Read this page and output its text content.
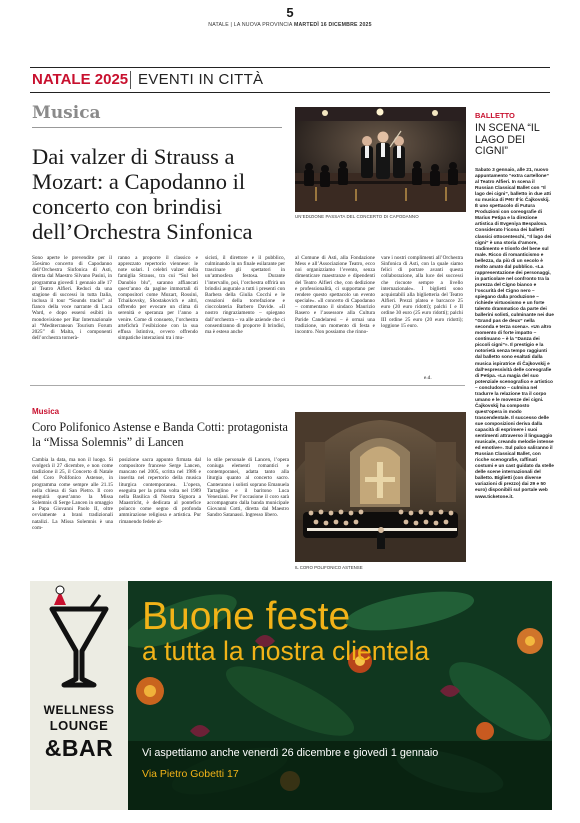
5
NATALE | LA NUOVA PROVINCIA MARTEDÌ 16 DICEMBRE 2025
NATALE 2025 EVENTI IN CITTÀ
Musica
Dai valzer di Strauss a Mozart: a Capodanno il concerto con brindisi dell’Orchestra Sinfonica
UN’EDIZIONE PASSATA DEL CONCERTO DI CAPODANNO
Sono aperte le prevendite per il 35esimo concerto di Capodanno dell’Orchestra Sinfonica di Asti, diretta dal Maestro Silvano Pasini, in programma giovedì 1 gennaio alle 17 al Teatro Alfieri. Reduci da una stagione di successi in tutta Italia, inclusa il tour “Sounds tracks” al fianco della voce narrante di Luca Ward, e dopo essersi esibiti in mondovisione per Bar Internazionale al “Mediterranean Tourism Forum 2025” di Malta, i componenti dell’orchestra tornerà-
ranno a proporre il classico e apprezzato repertorio viennese: le note solari. I celebri valzer della famiglia Strauss, tra cui “Sul bel Danubio blu”, saranno affiancati quest’anno da pagine immortali di compositori come Mozart, Rossini, Tchaikovsky, Shostakovich e altri, offrendo per evocare un clima di serenità e speranza per l’anno a venire. Come di consueto, l’orchestra artefichrà l’esibizione con la sua effusa Istintiva, ovvero offrendo simpatiche interazioni tra i mu-
sicisti, il direttore e il pubblico, culminando in un finale esilarante per trascinare gli spettatori in un’atmosfera festosa. Durante l’intervallo, poi, l’orchestra offrirà un brindisi augurale a tutti i presenti con Barbera della Giulia Cocchi e le creazioni della torrefazione e cioccolateria Barbero Davide. «Il nostro ringraziamento – spiegano dall’orchestra – va alle aziende che ci consentiranno di proporre il brindisi, ma è esteso anche
al Comune di Asti, alla Fondazione Mess e all’Associazione Teatro, ecco noi organizziamo l’evento, senza dimenticare maestranze e dipendenti del Teatro Alfieri che, con dedizione e professionalità, ci supportano per rendere questo spettacolo un evento speciale». «Il concerto di Capodanno – commentano il sindaco Maurizio Rasero e l’assessore alla Cultura Paride Candelaresi – è ormai una tradizione, un momento di festa e incontro. Non possiamo che rinno-
vare i nostri complimenti all’Orchestra Sinfonica di Asti, con la quale siamo felici di portare avanti questa collaborazione, alla luce dei successi che riscuote sempre a livello internazionale». I biglietti sono acquistabili alla biglietteria del Teatro Alfieri. Prezzi platea e barcacce 25 euro (20 euro ridotti); palchi I e II ordine 30 euro (25 euro ridotti); palchi III ordine 25 euro (20 euro ridotti); loggione 15 euro.
e.d.
Musica
Coro Polifonico Astense e Banda Cotti: protagonista la “Missa Solemnis” di Lancen
IL CORO POLIFONICO ASTENSE
Cambia la data, ma non il luogo. Si svolgerà il 27 dicembre, e non come tradizione il 25, il Concerto di Natale del Coro Polifonico Astense, in programma come sempre alle 21.15 nella chiesa di San Pietro. Il coro eseguirà quest’anno la Missa Solemnis di Serge Lancen in omaggio a Papa Giovanni Paolo II, oltre ovviamente a brani tradizionali natalizi. La Missa Solemnis è una com-
posizione sacra appunto firmata dal compositore francese Serge Lancen, mancato nel 2005, scritta nel 1986 e inserita nel repertorio della musica liturgica contemporanea. L’opera, eseguita per la prima volta nel 1989 nella Basilica di Nostra Signora a Maastricht, è dedicata al pontefice polacco come segno di profonda ammirazione religiosa e artistica. Pur rimanendo fedele al-
lo stile personale di Lancen, l’opera coniuga elementi romantici e contemporanei, adatta tanto alla liturgia quanto al concerto sacro. Canteranno i solisti soprano Emanuela Tartaglino e il baritono Luca Veneziani. Per l’occasione il coro sarà accompagnato dalla banda municipale Giovanni Cotti, diretta dal Maestro Sandro Satanassi. Ingresso libero.
BALLETTO
IN SCENA “IL LAGO DEI CIGNI”
Sabato 3 gennaio, alle 21, nuovo appuntamento “extra cartellone” al Teatro Alfieri. In scena il Russian Classical Ballet con “Il lago dei cigni”, balletto in due atti su musica di Pëtr Il’ic Čajkovskij. È uno spettacolo di Futura Produzioni con coreografie di Marius Petipa e la direzione artistica di Evgeniya Bespalova. Considerato l’icona dei balletti classici ottocenteschi, “Il lago dei cigni” è una storia d’amore, tradimento e trionfo del bene sul male. Ricco di romanticismo e bellezza, da più di un secolo è molto amato dal pubblico. «La rappresentazione dei personaggi, in particolare nel confronto tra la purezza del Cigno bianco e l’oscurità del Cigno nero – spiegano dalla produzione – richiede virtuosismo e un forte talento drammatico da parte dei ballerini solisti, culminante nei due “Grand pas de deux” nella seconda e terza scena». «Un altro momento di forte impatto – continuano – è la “Danza dei piccoli cigni”». Il prestigio e la notorietà senza tempo raggiunti dal balletto sono esaltati dalla musica ispiratrice di Čajkovskij e dall’espressività delle coreografie di Petipa. «La magia del suo potenziale scenografico e artistico – concludono – culmina nel tradurre la relazione tra il corpo umano e le movenze dei cigni. Čajkovskij ha composto quest’opera in modo trascendentale. Il successo delle sue composizioni deriva dalla capacità di esprimere i suoi sentimenti attraverso il linguaggio musicale, creando melodie intense ed emotive». Sul palco saliranno il Russian Classical Ballet, con ricche scenografie, raffinati costumi e un cast guidato da stelle delle scene internazionali del balletto. Biglietti (con diverse variazioni di prezzo) dai 29 e 50 euro) disponibili sul portale web www.ticketone.it.
WELLNESS
LOUNGE
&BAR
Buone feste
a tutta la nostra clientela
Vi aspettiamo anche venerdì 26 dicembre e giovedì 1 gennaio
Via Pietro Gobetti 17
